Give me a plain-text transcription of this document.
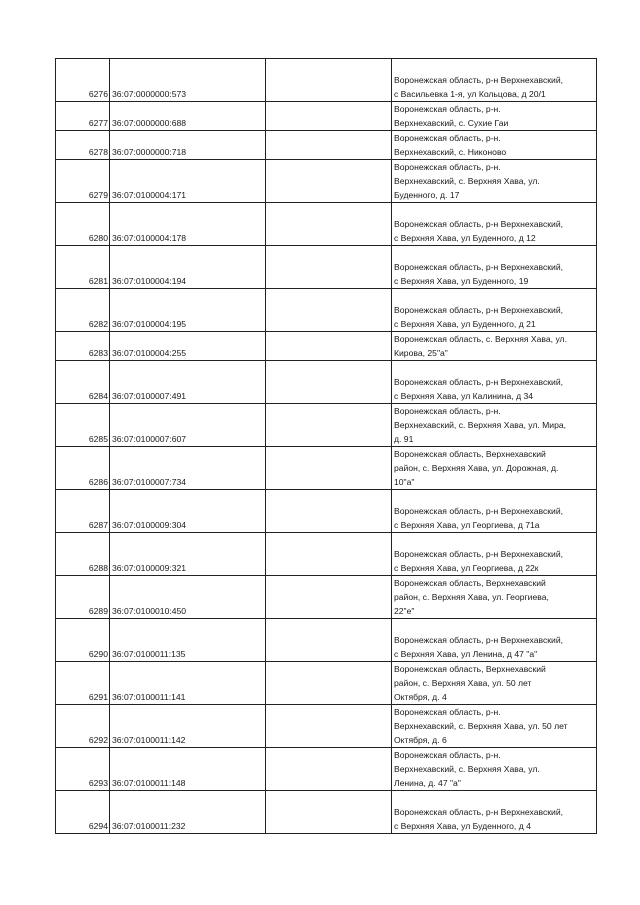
6276	36:07:0000000:573		Воронежская область, р-н Верхнехавский,
с Васильевка 1-я, ул Кольцова, д 20/1

6277	36:07:0000000:688		Воронежская область, р-н.
Верхнехавский, с. Сухие Гаи

6278	36:07:0000000:718		Воронежская область, р-н.
Верхнехавский, с. Никоново

6279	36:07:0100004:171		Воронежская область, р-н.
Верхнехавский, с. Верхняя Хава, ул.
Буденного, д. 17

6280	36:07:0100004:178		Воронежская область, р-н Верхнехавский,
с Верхняя Хава, ул Буденного, д 12

6281	36:07:0100004:194		Воронежская область, р-н Верхнехавский,
с Верхняя Хава, ул Буденного, 19

6282	36:07:0100004:195		Воронежская область, р-н Верхнехавский,
с Верхняя Хава, ул Буденного, д 21

6283	36:07:0100004:255		Воронежская область, с. Верхняя Хава, ул.
Кирова, 25"а"

6284	36:07:0100007:491		Воронежская область, р-н Верхнехавский,
с Верхняя Хава, ул Калинина, д 34

6285	36:07:0100007:607		Воронежская область, р-н.
Верхнехавский, с. Верхняя Хава, ул. Мира,
д. 91

6286	36:07:0100007:734		Воронежская область, Верхнехавский
район, с. Верхняя Хава, ул. Дорожная, д.
10"а"

6287	36:07:0100009:304		Воронежская область, р-н Верхнехавский,
с Верхняя Хава, ул Георгиева, д 71а

6288	36:07:0100009:321		Воронежская область, р-н Верхнехавский,
с Верхняя Хава, ул Георгиева, д 22к

6289	36:07:0100010:450		Воронежская область, Верхнехавский
район, с. Верхняя Хава, ул. Георгиева,
22"е"

6290	36:07:0100011:135		Воронежская область, р-н Верхнехавский,
с Верхняя Хава, ул Ленина, д 47 "а"

6291	36:07:0100011:141		Воронежская область, Верхнехавский
район, с. Верхняя Хава, ул. 50 лет
Октября, д. 4

6292	36:07:0100011:142		Воронежская область, р-н.
Верхнехавский, с. Верхняя Хава, ул. 50 лет
Октября, д. 6

6293	36:07:0100011:148		Воронежская область, р-н.
Верхнехавский, с. Верхняя Хава, ул.
Ленина, д. 47 "а"

6294	36:07:0100011:232		Воронежская область, р-н Верхнехавский,
с Верхняя Хава, ул Буденного, д 4
